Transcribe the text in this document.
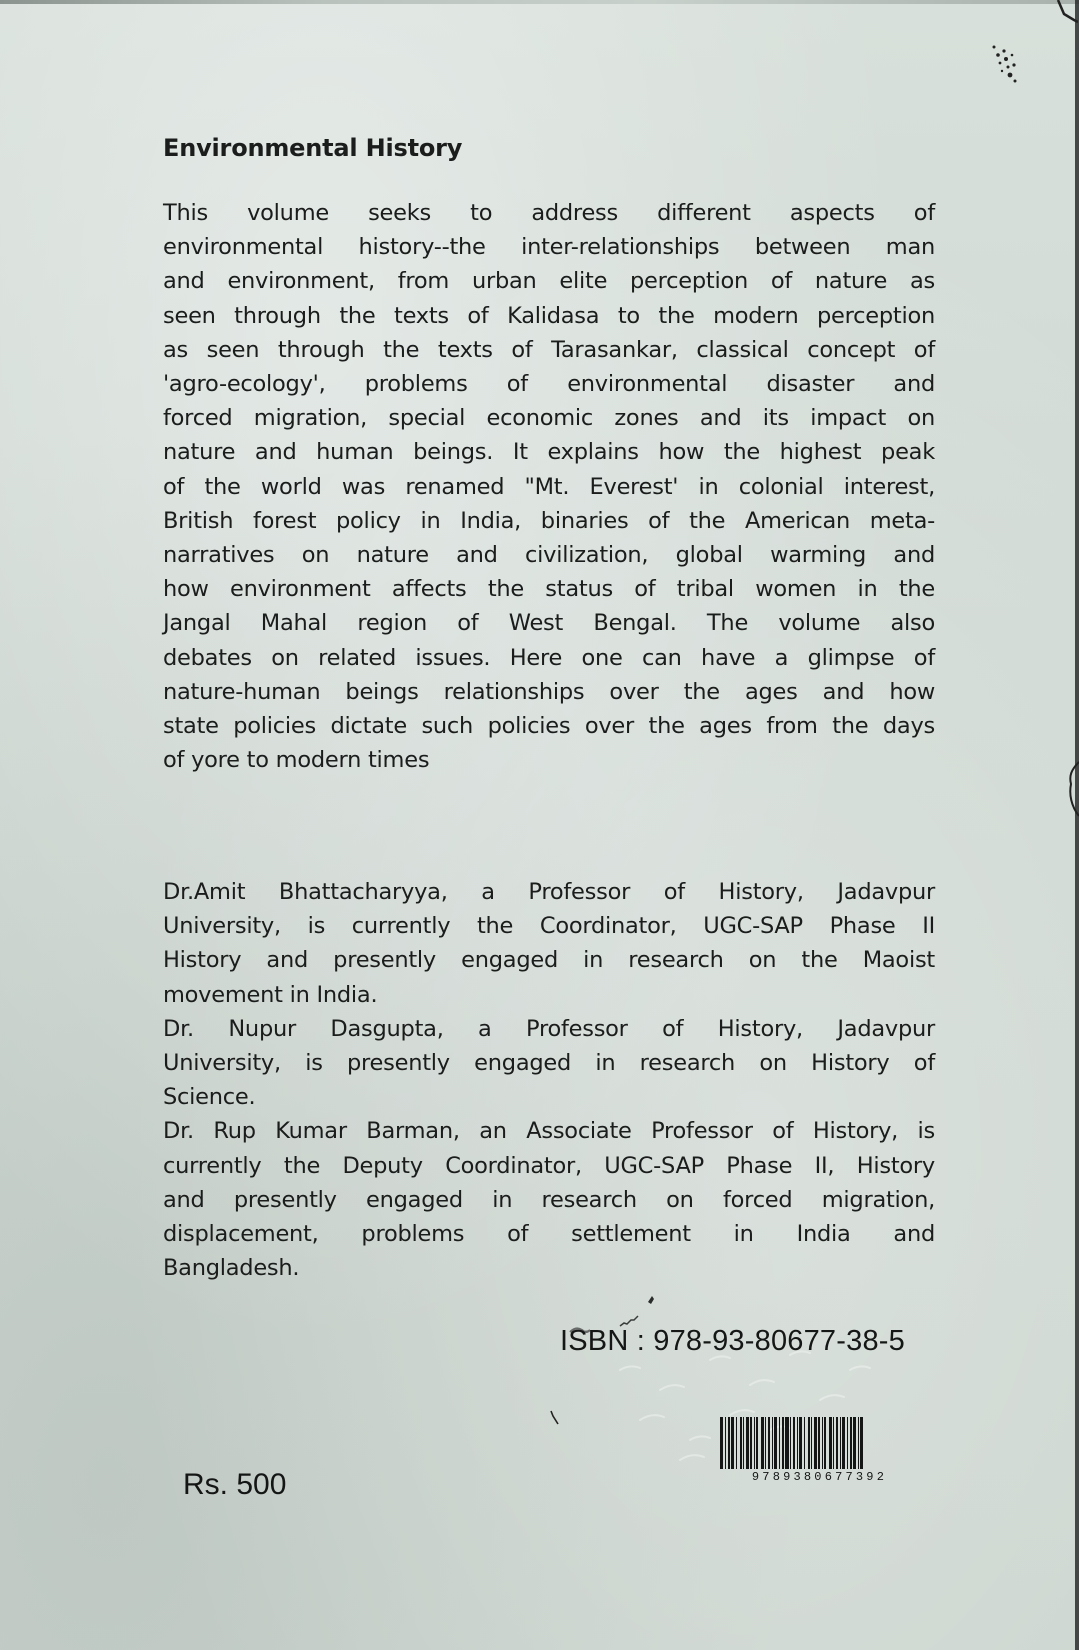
Environmental History

This volume seeks to address different aspects of
environmental history--the inter-relationships between man
and environment, from urban elite perception of nature as
seen through the texts of Kalidasa to the modern perception
as seen through the texts of Tarasankar, classical concept of
'agro-ecology', problems of environmental disaster and
forced migration, special economic zones and its impact on
nature and human beings. It explains how the highest peak
of the world was renamed "Mt. Everest' in colonial interest,
British forest policy in India, binaries of the American meta-
narratives on nature and civilization, global warming and
how environment affects the status of tribal women in the
Jangal Mahal region of West Bengal. The volume also
debates on related issues. Here one can have a glimpse of
nature-human beings relationships over the ages and how
state policies dictate such policies over the ages from the days
of yore to modern times

Dr.Amit Bhattacharyya, a Professor of History, Jadavpur
University, is currently the Coordinator, UGC-SAP Phase II
History and presently engaged in research on the Maoist
movement in India.
Dr. Nupur Dasgupta, a Professor of History, Jadavpur
University, is presently engaged in research on History of
Science.
Dr. Rup Kumar Barman, an Associate Professor of History, is
currently the Deputy Coordinator, UGC-SAP Phase II, History
and presently engaged in research on forced migration,
displacement, problems of settlement in India and
Bangladesh.

ISBN : 978-93-80677-38-5

9789380677392

Rs. 500
